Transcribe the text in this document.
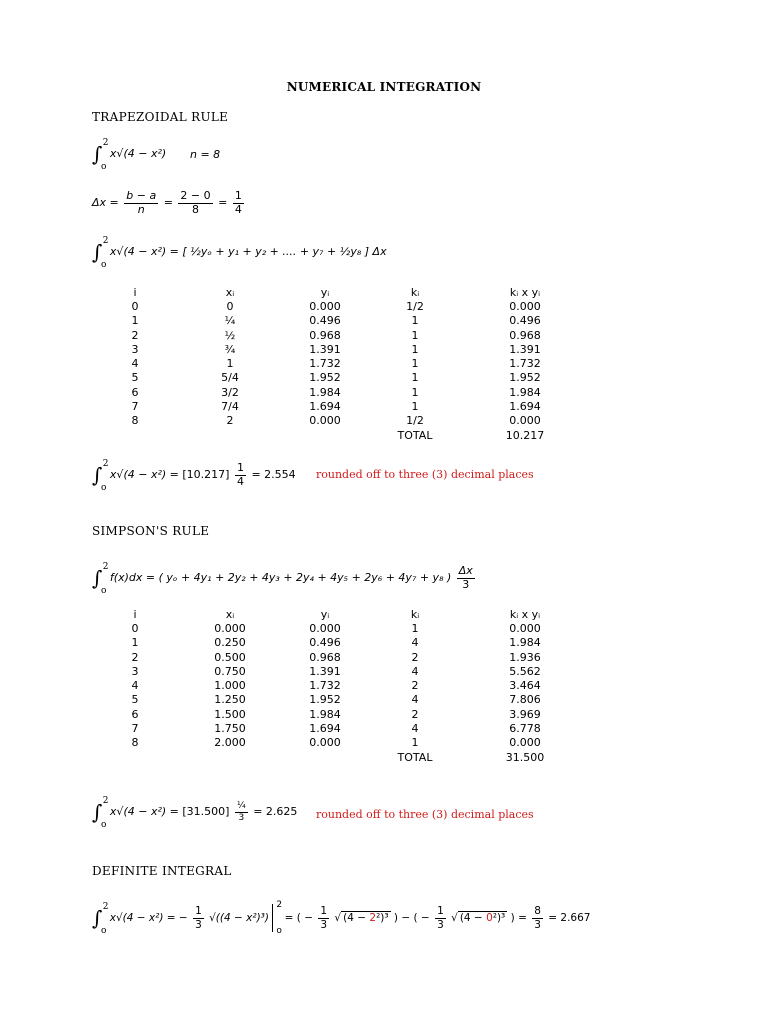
NUMERICAL INTEGRATION
TRAPEZOIDAL RULE
∫ 2
o
x√(4 − x²) n = 8
$\Delta x = \frac{b - a}{n} = \frac{2 - 0}{8} = \frac{1}{4}$
∫ 2
o
x√(4 − x²) = [ ½yₒ + y₁ + y₂ + .... + y₇ + ½y₈ ] Δx
i	xᵢ	yᵢ	kᵢ	kᵢ x yᵢ
0	0	0.000	1/2	0.000
1	¼	0.496	1	0.496
2	½	0.968	1	0.968
3	¾	1.391	1	1.391
4	1	1.732	1	1.732
5	5/4	1.952	1	1.952
6	3/2	1.984	1	1.984
7	7/4	1.694	1	1.694
8	2	0.000	1/2	0.000
			TOTAL	10.217
∫ 2
o
$x√(4 - x^2) = [10.217] \frac{1}{4} = 2.554$ rounded off to three (3) decimal places
SIMPSON'S RULE
∫ 2
o
f(x)dx = ( yₒ + 4y₁ + 2y₂ + 4y₃ + 2y₄ + 4y₅ + 2y₆ + 4y₇ + y₈ ) $\frac{\Delta x}{3}$
i	xᵢ	yᵢ	kᵢ	kᵢ x yᵢ
0	0.000	0.000	1	0.000
1	0.250	0.496	4	1.984
2	0.500	0.968	2	1.936
3	0.750	1.391	4	5.562
4	1.000	1.732	2	3.464
5	1.250	1.952	4	7.806
6	1.500	1.984	2	3.969
7	1.750	1.694	4	6.778
8	2.000	0.000	1	0.000
			TOTAL	31.500
∫ 2
o
$x√(4 - x^2) = [31.500] \frac{\text{¼}}{3} = 2.625$ rounded off to three (3) decimal places
DEFINITE INTEGRAL
∫ 2
o
x√(4 − x²) = − $\frac{1}{3} √((4 - x^2)^3)$
2
o
= ( − $\frac{1}{3}$ √ (4 − 2²)³ ) − ( − $\frac{1}{3}$ √ (4 − 0²)³ ) = $\frac{8}{3} = 2.667$
